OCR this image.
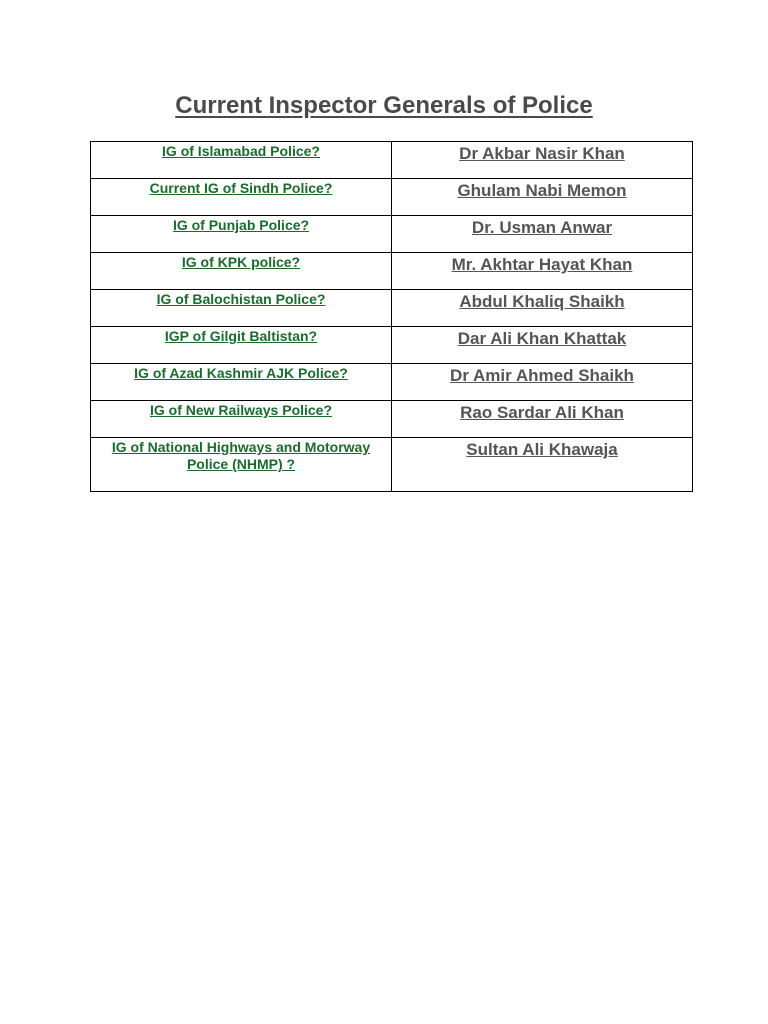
Current Inspector Generals of Police
IG of Islamabad Police?	Dr Akbar Nasir Khan
Current IG of Sindh Police?	Ghulam Nabi Memon
IG of Punjab Police?	Dr. Usman Anwar
IG of KPK police?	Mr. Akhtar Hayat Khan
IG of Balochistan Police?	Abdul Khaliq Shaikh
IGP of Gilgit Baltistan?	Dar Ali Khan Khattak
IG of Azad Kashmir AJK Police?	Dr Amir Ahmed Shaikh
IG of New Railways Police?	Rao Sardar Ali Khan
IG of National Highways and Motorway Police (NHMP) ?	Sultan Ali Khawaja
